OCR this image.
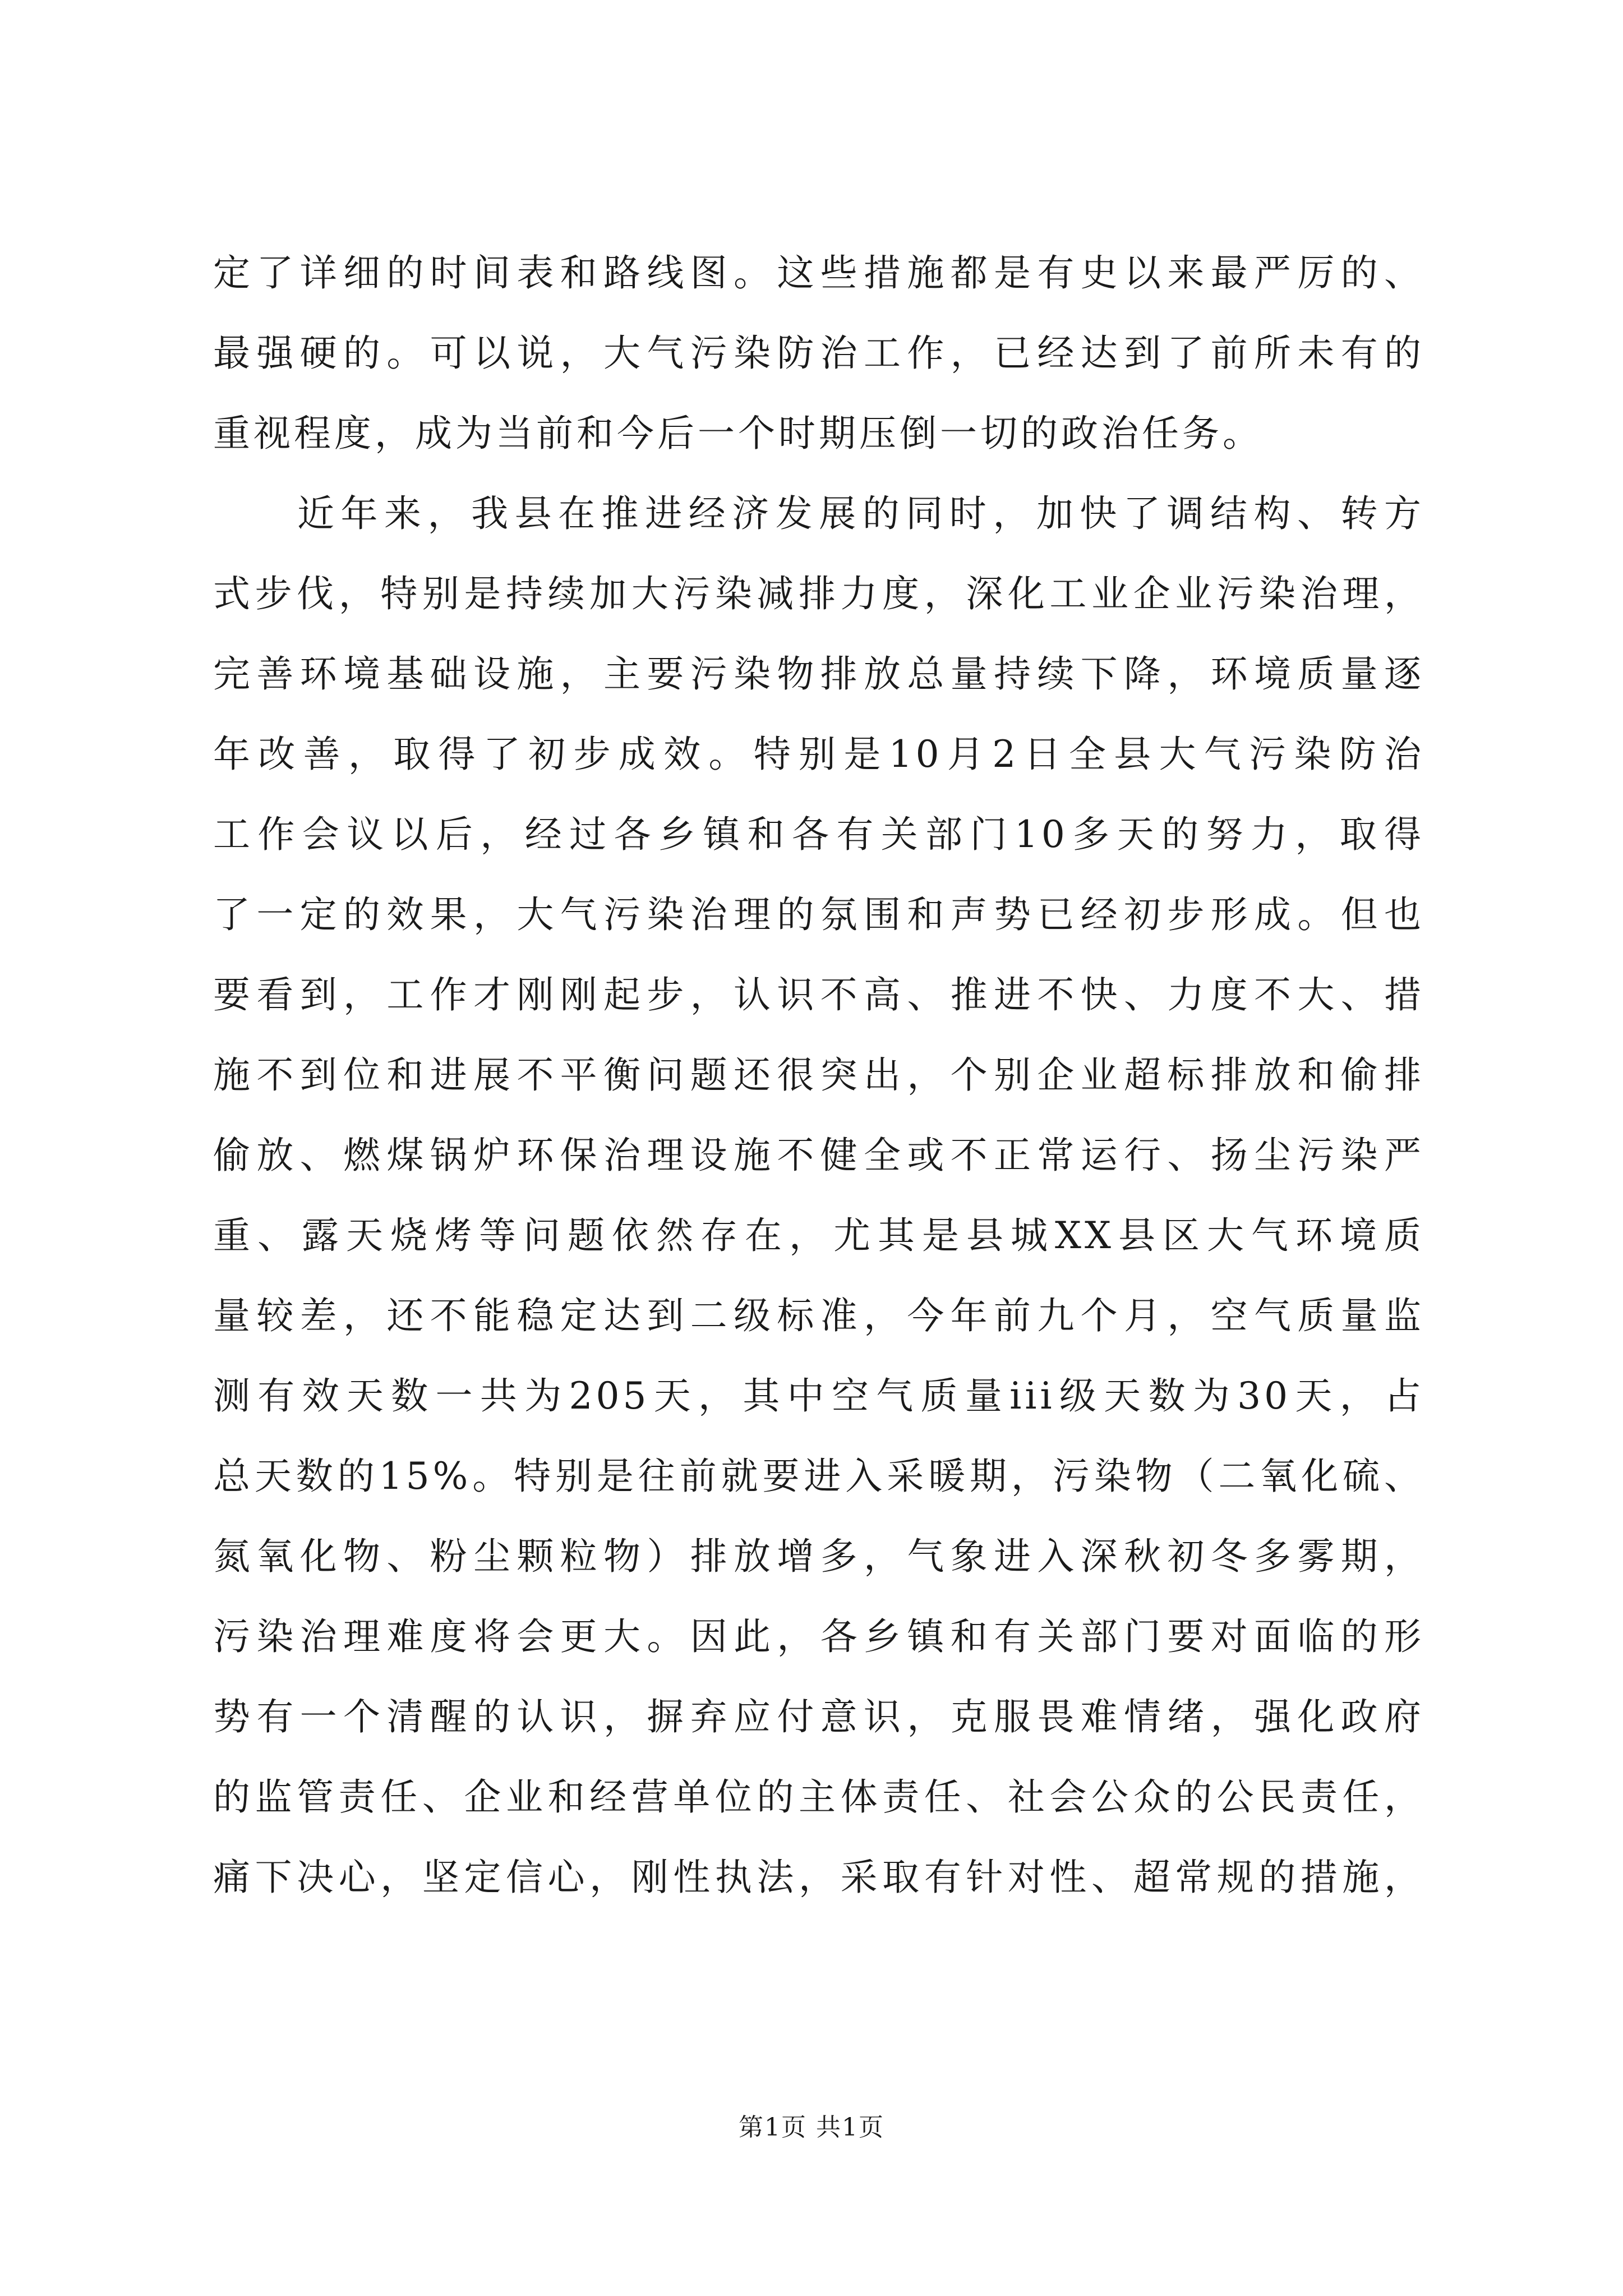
定了详细的时间表和路线图。这些措施都是有史以来最严厉的、
最强硬的。可以说，大气污染防治工作，已经达到了前所未有的
重视程度，成为当前和今后一个时期压倒一切的政治任务。
近年来，我县在推进经济发展的同时，加快了调结构、转方
式步伐，特别是持续加大污染减排力度，深化工业企业污染治理，
完善环境基础设施，主要污染物排放总量持续下降，环境质量逐
年改善，取得了初步成效。特别是10月2日全县大气污染防治
工作会议以后，经过各乡镇和各有关部门10多天的努力，取得
了一定的效果，大气污染治理的氛围和声势已经初步形成。但也
要看到，工作才刚刚起步，认识不高、推进不快、力度不大、措
施不到位和进展不平衡问题还很突出，个别企业超标排放和偷排
偷放、燃煤锅炉环保治理设施不健全或不正常运行、扬尘污染严
重、露天烧烤等问题依然存在，尤其是县城XX县区大气环境质
量较差，还不能稳定达到二级标准，今年前九个月，空气质量监
测有效天数一共为205天，其中空气质量iii级天数为30天，占
总天数的15%。特别是往前就要进入采暖期，污染物（二氧化硫、
氮氧化物、粉尘颗粒物）排放增多，气象进入深秋初冬多雾期，
污染治理难度将会更大。因此，各乡镇和有关部门要对面临的形
势有一个清醒的认识，摒弃应付意识，克服畏难情绪，强化政府
的监管责任、企业和经营单位的主体责任、社会公众的公民责任，
痛下决心，坚定信心，刚性执法，采取有针对性、超常规的措施，
第1页 共1页
